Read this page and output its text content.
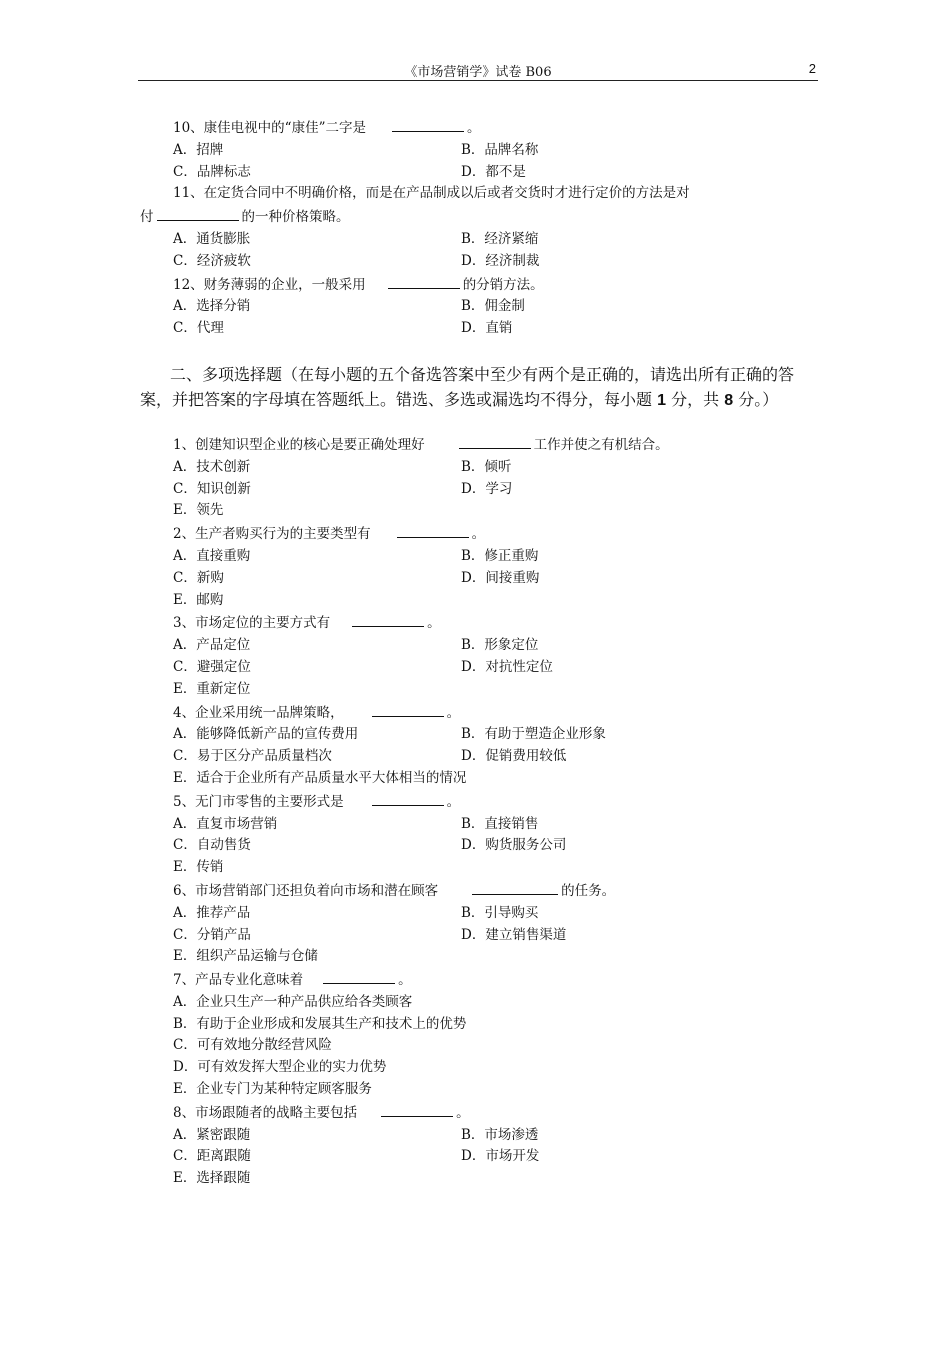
《市场营销学》试卷 B06	2
10、康佳电视中的“康佳”二字是	。
A．招牌	B．品牌名称
C．品牌标志	D．都不是
11、在定货合同中不明确价格，而是在产品制成以后或者交货时才进行定价的方法是对
付	的一种价格策略。
A．通货膨胀	B．经济紧缩
C．经济疲软	D．经济制裁
12、财务薄弱的企业，一般采用	的分销方法。
A．选择分销	B．佣金制
C．代理	D．直销
二、多项选择题（在每小题的五个备选答案中至少有两个是正确的，请选出所有正确的答案，并把答案的字母填在答题纸上。错选、多选或漏选均不得分，每小题 1 分，共 8 分。）
1、创建知识型企业的核心是要正确处理好	工作并使之有机结合。
A．技术创新	B．倾听
C．知识创新	D．学习
E．领先
2、生产者购买行为的主要类型有	。
A．直接重购	B．修正重购
C．新购	D．间接重购
E．邮购
3、市场定位的主要方式有	。
A．产品定位	B．形象定位
C．避强定位	D．对抗性定位
E．重新定位
4、企业采用统一品牌策略，	。
A．能够降低新产品的宣传费用	B．有助于塑造企业形象
C．易于区分产品质量档次	D．促销费用较低
E．适合于企业所有产品质量水平大体相当的情况
5、无门市零售的主要形式是	。
A．直复市场营销	B．直接销售
C．自动售货	D．购货服务公司
E．传销
6、市场营销部门还担负着向市场和潜在顾客	的任务。
A．推荐产品	B．引导购买
C．分销产品	D．建立销售渠道
E．组织产品运输与仓储
7、产品专业化意味着	。
A．企业只生产一种产品供应给各类顾客
B．有助于企业形成和发展其生产和技术上的优势
C．可有效地分散经营风险
D．可有效发挥大型企业的实力优势
E．企业专门为某种特定顾客服务
8、市场跟随者的战略主要包括	。
A．紧密跟随	B．市场渗透
C．距离跟随	D．市场开发
E．选择跟随
